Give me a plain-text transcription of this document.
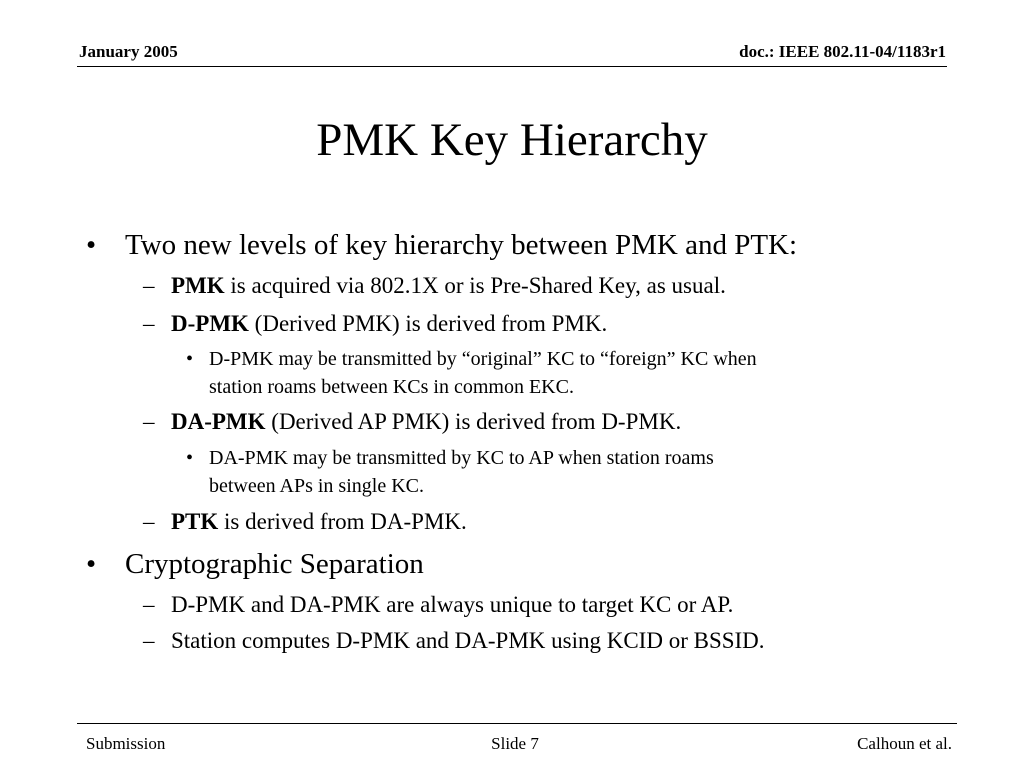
January 2005	doc.: IEEE 802.11-04/1183r1
PMK Key Hierarchy
• Two new levels of key hierarchy between PMK and PTK:
– PMK is acquired via 802.1X or is Pre-Shared Key, as usual.
– D-PMK (Derived PMK) is derived from PMK.
• D-PMK may be transmitted by “original” KC to “foreign” KC when
station roams between KCs in common EKC.
– DA-PMK (Derived AP PMK) is derived from D-PMK.
• DA-PMK may be transmitted by KC to AP when station roams
between APs in single KC.
– PTK is derived from DA-PMK.
• Cryptographic Separation
– D-PMK and DA-PMK are always unique to target KC or AP.
– Station computes D-PMK and DA-PMK using KCID or BSSID.
Submission	Slide 7	Calhoun et al.
